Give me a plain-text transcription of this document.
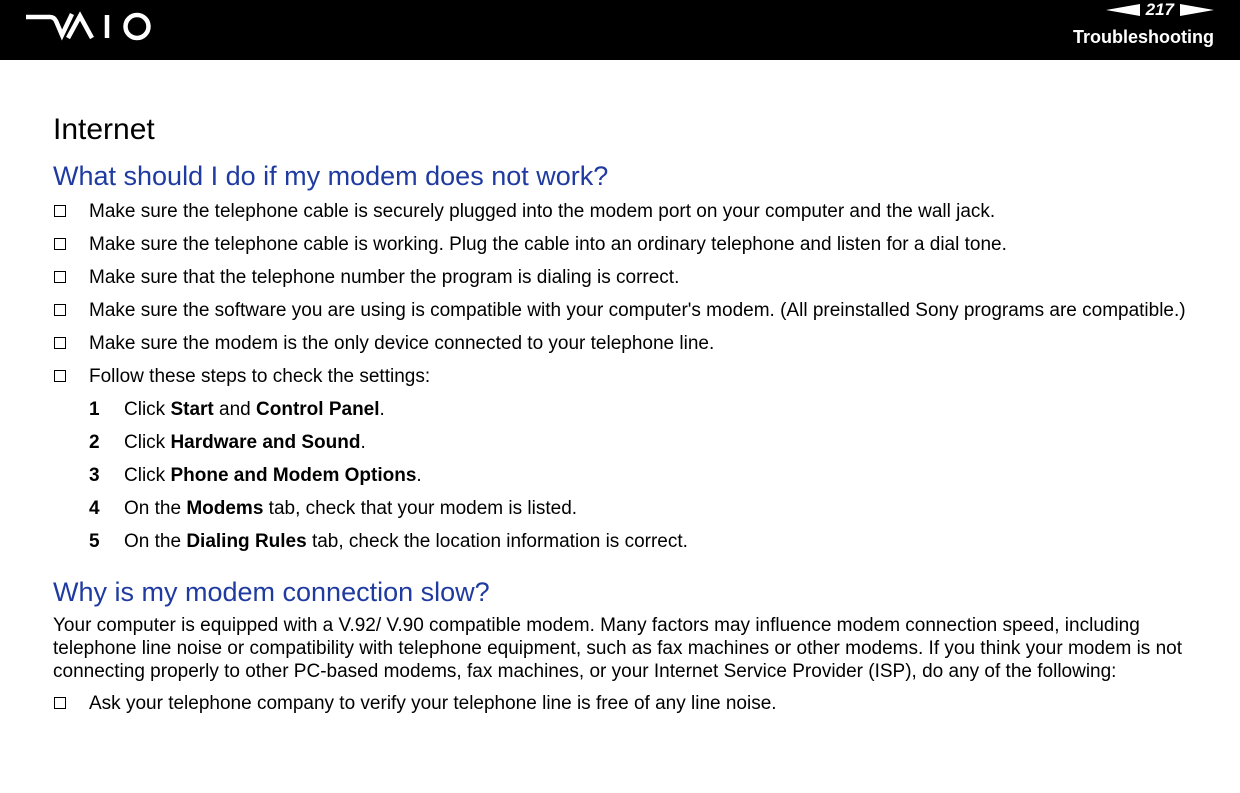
217
Troubleshooting
Internet
What should I do if my modem does not work?
Make sure the telephone cable is securely plugged into the modem port on your computer and the wall jack.
Make sure the telephone cable is working. Plug the cable into an ordinary telephone and listen for a dial tone.
Make sure that the telephone number the program is dialing is correct.
Make sure the software you are using is compatible with your computer's modem. (All preinstalled Sony programs are compatible.)
Make sure the modem is the only device connected to your telephone line.
Follow these steps to check the settings:
1 Click Start and Control Panel.
2 Click Hardware and Sound.
3 Click Phone and Modem Options.
4 On the Modems tab, check that your modem is listed.
5 On the Dialing Rules tab, check the location information is correct.
Why is my modem connection slow?

Your computer is equipped with a V.92/ V.90 compatible modem. Many factors may influence modem connection speed, including telephone line noise or compatibility with telephone equipment, such as fax machines or other modems. If you think your modem is not connecting properly to other PC-based modems, fax machines, or your Internet Service Provider (ISP), do any of the following:

Ask your telephone company to verify your telephone line is free of any line noise.
